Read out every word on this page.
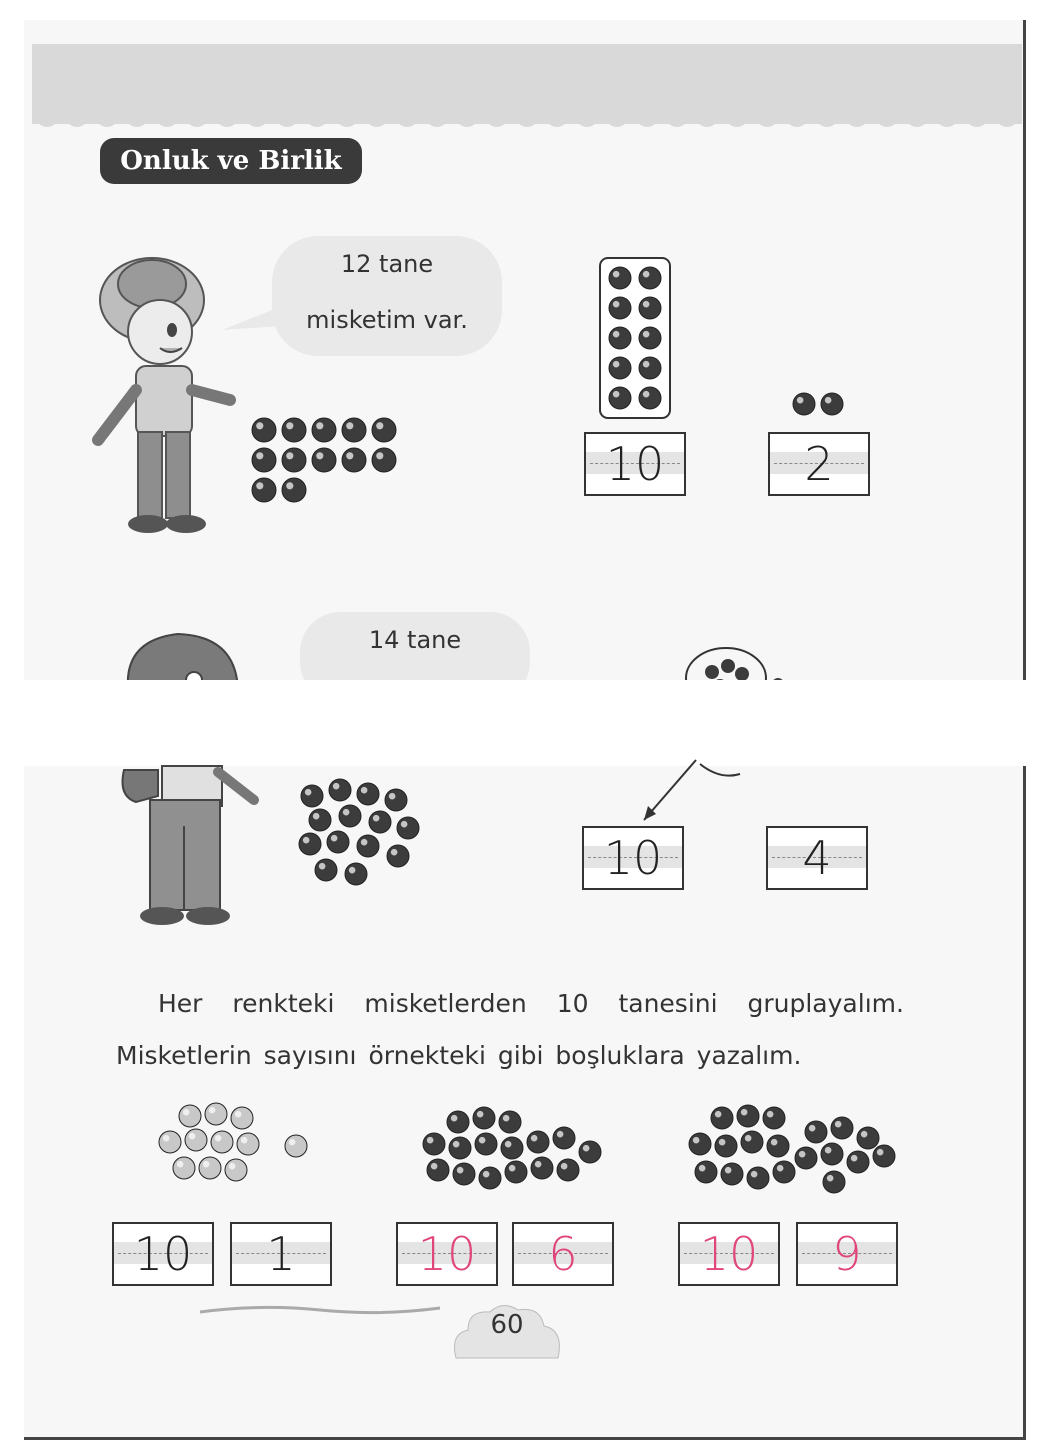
Onluk ve Birlik
12 tane
misketim var.
10	2
14 tane
10	4
Her renkteki misketlerden 10 tanesini gruplayalım.
Misketlerin sayısını örnekteki gibi boşluklara yazalım.
10	1	10	6	10	9
60
